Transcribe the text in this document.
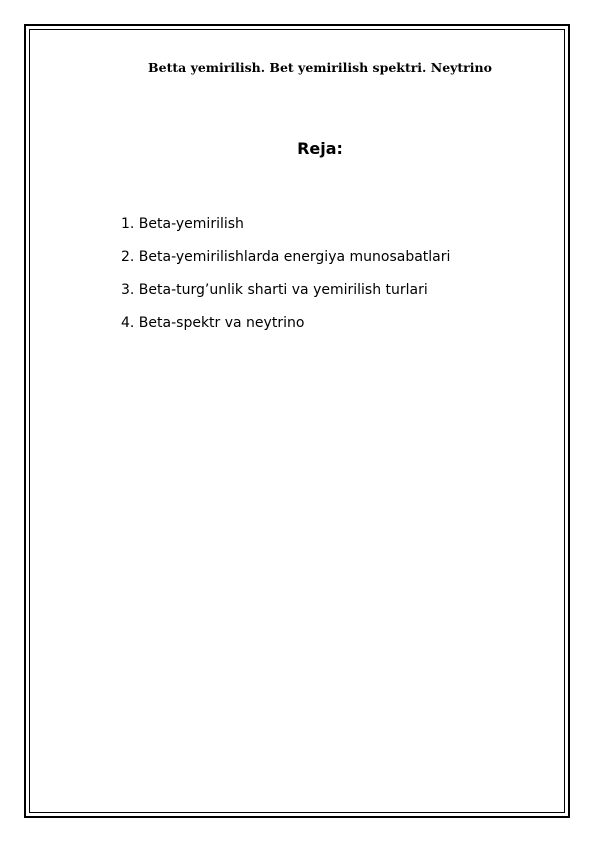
Betta yemirilish. Bet yemirilish spektri. Neytrino
Reja:
1. Beta-yemirilish
2. Beta-yemirilishlarda energiya munosabatlari
3. Beta-turg’unlik sharti va yemirilish turlari
4. Beta-spektr va neytrino
